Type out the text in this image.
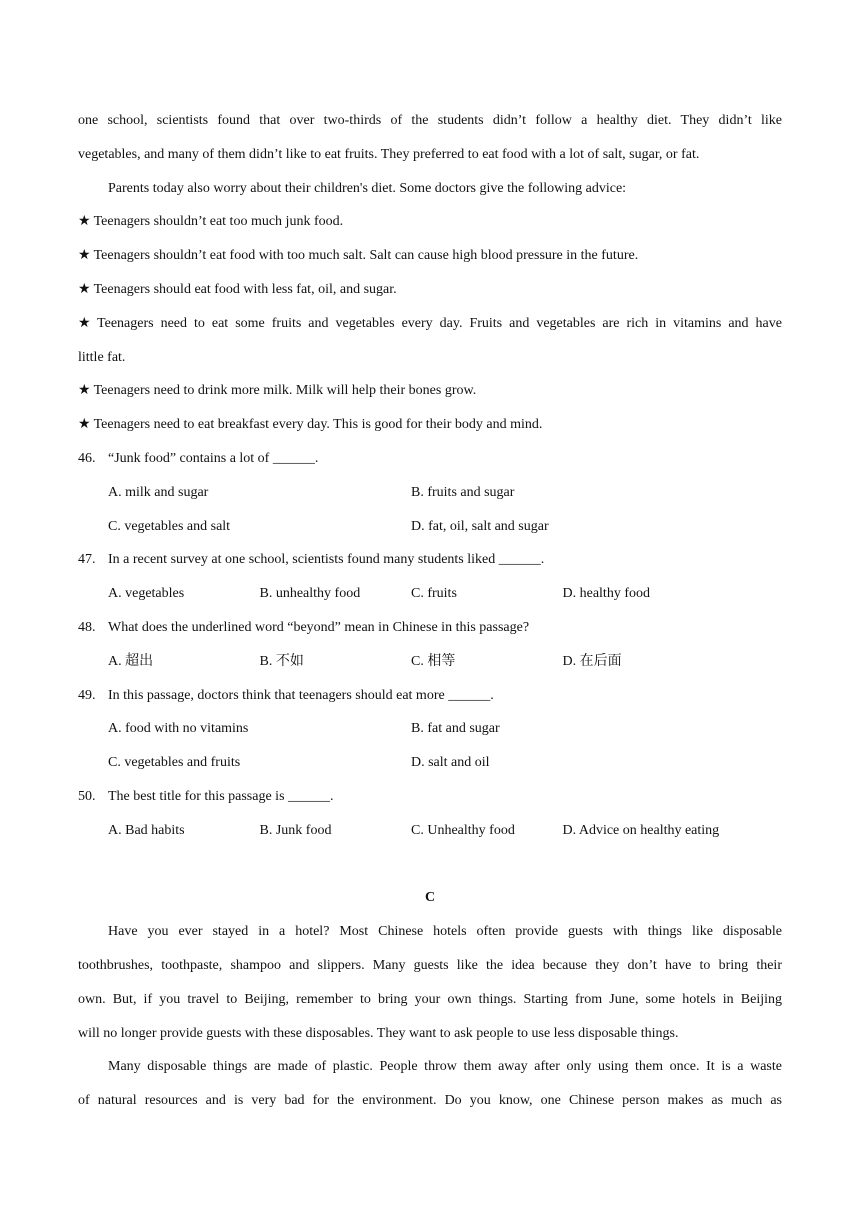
one school, scientists found that over two-thirds of the students didn’t follow a healthy diet. They didn’t like
vegetables, and many of them didn’t like to eat fruits. They preferred to eat food with a lot of salt, sugar, or fat.
Parents today also worry about their children's diet. Some doctors give the following advice:
★ Teenagers shouldn’t eat too much junk food.
★ Teenagers shouldn’t eat food with too much salt. Salt can cause high blood pressure in the future.
★ Teenagers should eat food with less fat, oil, and sugar.
★ Teenagers need to eat some fruits and vegetables every day. Fruits and vegetables are rich in vitamins and have
little fat.
★ Teenagers need to drink more milk. Milk will help their bones grow.
★ Teenagers need to eat breakfast every day. This is good for their body and mind.
46. “Junk food” contains a lot of ______.
A. milk and sugar	B. fruits and sugar
C. vegetables and salt	D. fat, oil, salt and sugar
47. In a recent survey at one school, scientists found many students liked ______.
A. vegetables	B. unhealthy food	C. fruits	D. healthy food
48. What does the underlined word “beyond” mean in Chinese in this passage?
A. 超出	B. 不如	C. 相等	D. 在后面
49. In this passage, doctors think that teenagers should eat more ______.
A. food with no vitamins	B. fat and sugar
C. vegetables and fruits	D. salt and oil
50. The best title for this passage is ______.
A. Bad habits	B. Junk food	C. Unhealthy food	D. Advice on healthy eating
C
Have you ever stayed in a hotel? Most Chinese hotels often provide guests with things like disposable
toothbrushes, toothpaste, shampoo and slippers. Many guests like the idea because they don’t have to bring their
own. But, if you travel to Beijing, remember to bring your own things. Starting from June, some hotels in Beijing
will no longer provide guests with these disposables. They want to ask people to use less disposable things.
Many disposable things are made of plastic. People throw them away after only using them once. It is a waste
of natural resources and is very bad for the environment. Do you know, one Chinese person makes as much as
